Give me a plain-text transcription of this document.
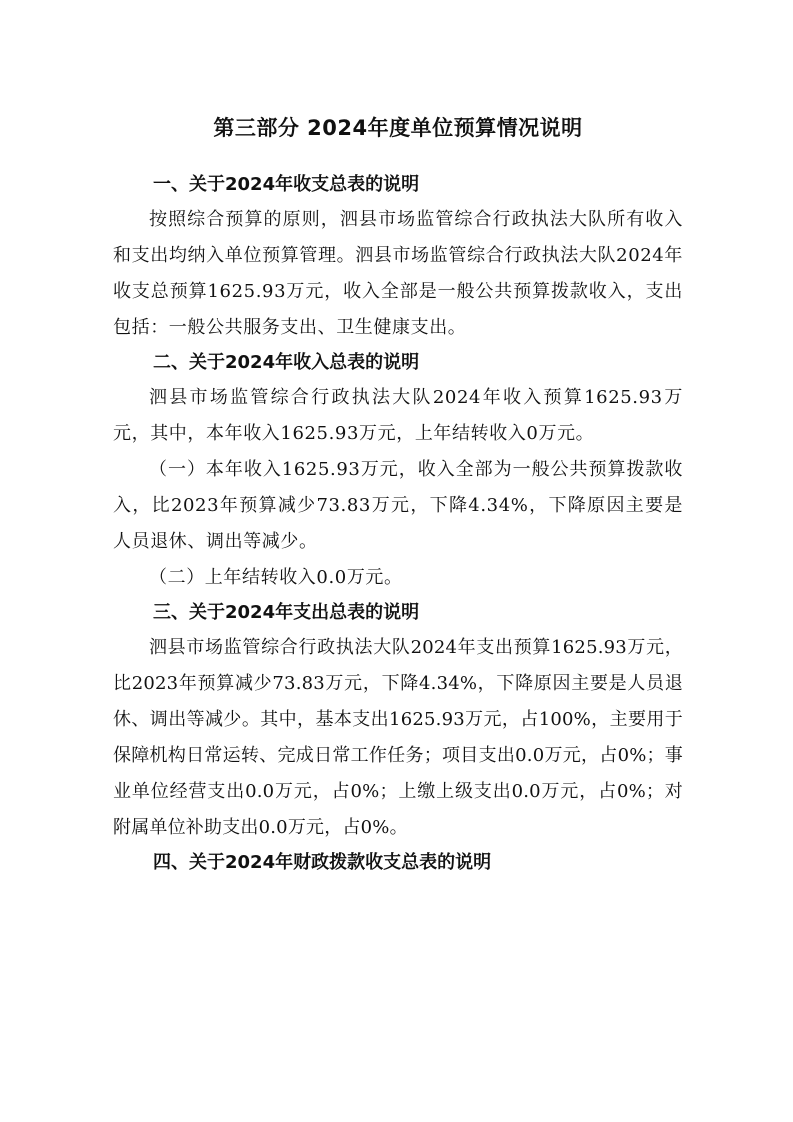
第三部分 2024年度单位预算情况说明
一、关于2024年收支总表的说明

按照综合预算的原则，泗县市场监管综合行政执法大队所有收入和支出均纳入单位预算管理。泗县市场监管综合行政执法大队2024年收支总预算1625.93万元，收入全部是一般公共预算拨款收入，支出包括：一般公共服务支出、卫生健康支出。

二、关于2024年收入总表的说明

泗县市场监管综合行政执法大队2024年收入预算1625.93万元，其中，本年收入1625.93万元，上年结转收入0万元。

（一）本年收入1625.93万元，收入全部为一般公共预算拨款收入，比2023年预算减少73.83万元，下降4.34%，下降原因主要是人员退休、调出等减少。

（二）上年结转收入0.0万元。

三、关于2024年支出总表的说明

泗县市场监管综合行政执法大队2024年支出预算1625.93万元，比2023年预算减少73.83万元，下降4.34%，下降原因主要是人员退休、调出等减少。其中，基本支出1625.93万元，占100%，主要用于保障机构日常运转、完成日常工作任务；项目支出0.0万元，占0%；事业单位经营支出0.0万元，占0%；上缴上级支出0.0万元，占0%；对附属单位补助支出0.0万元，占0%。

四、关于2024年财政拨款收支总表的说明
